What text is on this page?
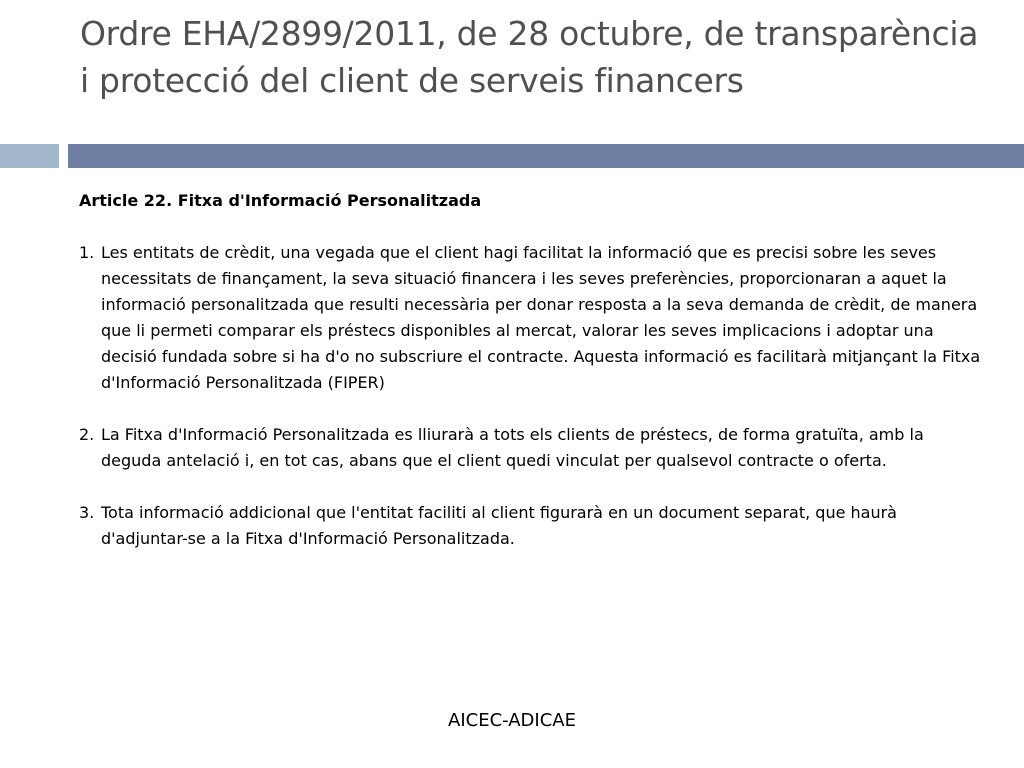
Ordre EHA/2899/2011, de 28 octubre, de transparència i protecció del client de serveis financers
Article 22. Fitxa d'Informació Personalitzada
1. Les entitats de crèdit, una vegada que el client hagi facilitat la informació que es precisi sobre les seves necessitats de finançament, la seva situació financera i les seves preferències, proporcionaran a aquet la informació personalitzada que resulti necessària per donar resposta a la seva demanda de crèdit, de manera que li permeti comparar els préstecs disponibles al mercat, valorar les seves implicacions i adoptar una decisió fundada sobre si ha d'o no subscriure el contracte. Aquesta informació es facilitarà mitjançant la Fitxa d'Informació Personalitzada (FIPER)
2. La Fitxa d'Informació Personalitzada es lliurarà a tots els clients de préstecs, de forma gratuïta, amb la deguda antelació i, en tot cas, abans que el client quedi vinculat per qualsevol contracte o oferta.
3. Tota informació addicional que l'entitat faciliti al client figurarà en un document separat, que haurà d'adjuntar-se a la Fitxa d'Informació Personalitzada.
AICEC-ADICAE
